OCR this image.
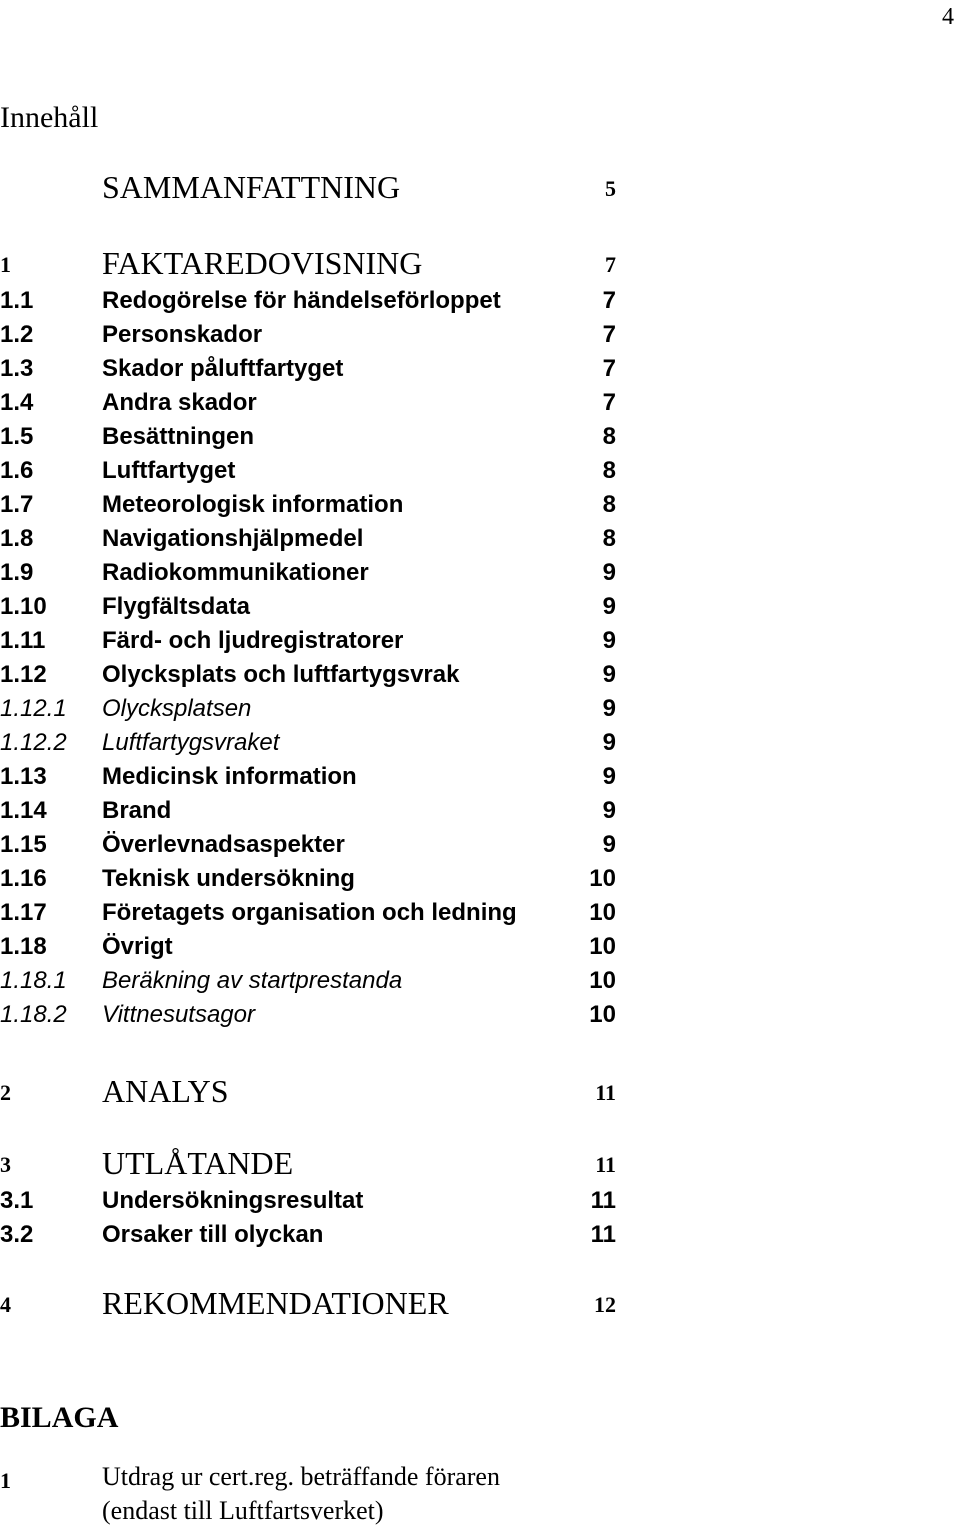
4
Innehåll
SAMMANFATTNING	5
1	FAKTAREDOVISNING	7
1.1	Redogörelse för händelseförloppet	7
1.2	Personskador	7
1.3	Skador påluftfartyget	7
1.4	Andra skador	7
1.5	Besättningen	8
1.6	Luftfartyget	8
1.7	Meteorologisk information	8
1.8	Navigationshjälpmedel	8
1.9	Radiokommunikationer	9
1.10 Flygfältsdata	9
1.11 Färd- och ljudregistratorer	9
1.12 Olycksplats och luftfartygsvrak	9
1.12.1 Olycksplatsen	9
1.12.2 Luftfartygsvraket	9
1.13 Medicinsk information	9
1.14 Brand	9
1.15 Överlevnadsaspekter	9
1.16 Teknisk undersökning	10
1.17 Företagets organisation och ledning	10
1.18 Övrigt	10
1.18.1 Beräkning av startprestanda	10
1.18.2 Vittnesutsagor	10
2	ANALYS	11
3	UTLÅTANDE	11
3.1	Undersökningsresultat	11
3.2	Orsaker till olyckan	11
4	REKOMMENDATIONER	12
BILAGA
1	Utdrag ur cert.reg. beträffande föraren
(endast till Luftfartsverket)
